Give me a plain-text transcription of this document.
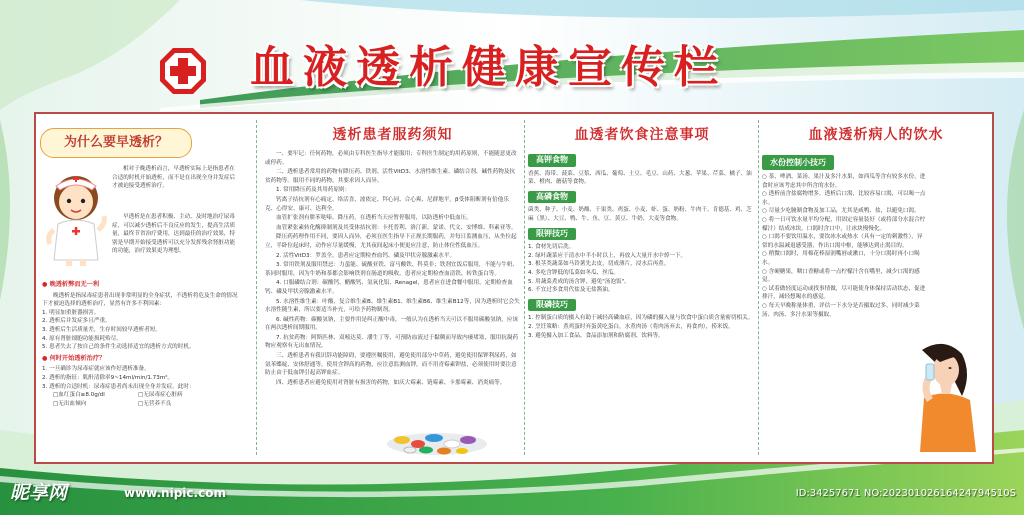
血液透析健康宣传栏
为什么要早透析？

相对于晚透析而言，早透析实际上是指患者在合适的时机开始透析，而不是在出现全身并发症后才被迫接受透析治疗。

早透析是在患者积极、主动、及时地治疗尿毒症，可以减少透析后不良反应的发生，提高生活质量，最终节省治疗费用，达到最佳的治疗效果，特别是早期开始接受透析可以充分发挥残余肾脏功能的功能，治疗效果更为理想。

● 晚透析弊而无一利
晚透析是指尿毒症患者出现非常明显的全身症状，不透析将危及生命的情况下才被迫选择的透析治疗，显然有许多不利因素：
1. 明显加重脏器损害。
2. 透析后并发症多且严重。
3. 透析后生活质量差，生存时间较早透析者短。
4. 原有肾脏细胞功能损耗殆尽。
5. 患者失去了按自己的条件生动选择适宜的透析方式的时机。
● 何时开始透析治疗？
1. 一旦确诊为尿毒症就应该作好透析准备。
2. 透析的指征：肌酐清除率9~14ml/min/1.73m²。
3. 透析的合适时机：尿毒症患者尚未出现全身并发症，此时：
□血红蛋白≥8.0g/dl	□无尿毒症心脏病
□无出血倾向	□无营养不良
透析患者服药须知

一、要牢记：任何药物，必须由专科医生指导才能服用；专科医生制定的用药原则，不能随意更改或停药。

二、透析患者常用的药物有降压药、铁剂、活性VitD3、水溶性维生素、磷结合剂、碱性药物及抗贫药物等。服用不同的药物，其要求因人而异。

1. 常用降压药及其用药原则：

钙离子拮抗剂有心痛定、络活喜、波依定、拜心同、合心爽、尼群地平。β受体阻断剂有倍他乐克、心得安、康可、达利全。

血管扩张剂有肼苯哒嗪、降压药，在透析当天应暂停服用，以防透析中低血压。

血管紧张素转化酶抑制剂及其受体拮抗剂：卡托普利、洛汀新、蒙诺、代文、安博维、科素亚等。

降压药药理作用不同，要因人而异，必须在医生指导下正规长期服药，并每日监测血压，从坐位起立，半卧位起床时，动作应尽量缓慢，尤其夜间起床小便更应注意，防止体位性低血压。

2. 活性VitD3：罗盖全。患者应定期检查血钙、磷及甲状旁腺激素水平。

3. 常用铁剂及服用禁忌：力蜚能、硫酸亚铁、富马酸铁、科莫非；铁剂宜饭后服用，不能与牛奶、茶同时服用，因为牛奶和茶都会影响铁剂在肠道的吸收。患者应定期检查血清铁、转铁蛋白等。

4. 口服磷结合剂：碳酸钙、醋酸钙、氢氧化铝、Renagel，患者应在进食餐中服用，定期检查血钙、磷及甲状旁腺激素水平。

5. 水溶性维生素：叶酸、复合维生素B、维生素B1、维生素B6、维生素B12等，因为透析时它会失水溶性随生素，所以要适当补充，可给予药物制剂。

6. 碱性药物：碳酸氢钠，主要作用是纠正酸中毒，一般认为在透析当天可以不服用碳酸氢钠，应该在两次透析间期服用。

7. 抗贫药物：阿斯匹林、双嘧达莫、潘生丁等，可预防血液过于黏稠而导致内瘘堵塞，服用抗凝药物应观察有无出血情况。

三、透析患者有我识辞功能障碍，要遵医嘱使用，避免使用部分中草药，避免使用保钾利尿药，如氨苯蝶啶、安体舒通等，使用含钾高的药物，应注意监测血钾，而不用青霉素钾盐，必须使用时要注意防止由于低血钾引起高钾血症。

四、透析患者应避免使用对肾脏有损害的药物，如庆大霉素、链霉素、卡那霉素、消炎痛等。

血透者饮食注意事项
高钾食物
香蕉、海带、菠菜、豆浆、西瓜、葡萄、土豆、毛豆、山药、大葱、苹果、芹菜、橘子、油菜、橙肉、蘑菇等食物。
高磷食物
菌类、种子、小麦、奶酪、干果类、鸡蛋、小麦、虾、蛋、奶粉、牛肉干、肯德基、鸡、芝麻（黑）、大豆、鸭、牛、鱼、豆、黄豆、牛奶、大麦等食物。
限钾技巧
1. 食材先切后洗。
2. 绿叶蔬菜应于清水中半小时以上，再放入大量开水中焯一下。
3. 根茎类蔬菜如马铃薯先去皮，切成薄片，浸水后再煮。
4. 多吃含钾低的瓜菜如冬瓜、丝瓜。
5. 用蔬菜煮成的汤含钾，避免"汤泡饭"。
6. 不宜过多食用代盐及无盐酱油。
限磷技巧
1. 控制蛋白质的摄入有助于减轻高磷血症，因为磷的摄入量与饮食中蛋白质含量密切相关。
2. 烹饪策略：煮鸡蛋时弃蛋黄吃蛋白，水煮肉汤（将肉汤弃去，再食肉），捞米饭。
3. 避免摄入加工食品、食品添加剂和防腐剂、饮料等。
血液透析病人的饮水
水份控制小技巧
○ 茶、啤酒、菜汤、果汁及多汁水果，如西瓜等含有较多水份，进食时应该考虑其中所含的水份。
○ 透析前含盐腐物增多，透析后口渴，比较容易口渴，可以喝一点水。
○ 尽量少吃腌制食物及加工品，尤其是咸鸭、盐，以避免口渴。
○ 将一日可饮水量平均分配，用固定容量装好（或将部分水混合柠檬汁）结成冰块，口渴时含口中，让冰块慢慢化。
○ 口渴不要饮用温水，要饮冰水或热水（具有一定的刺激性），异常的水温减退感受器，作出口渴中枢，能够达到止渴目的。
○ 稍微口渴时，用棉花棒湿润嘴唇或漱口，十分口渴时再小口喝水。
○ 含硬糖果，咽口香糖或将一点柠檬汁含在嘴里，减少口渴的感觉。
○ 试着做轻度运动或找事情做，尽可能使身体保持活动状态，促进排汗，减轻想喝水的感觉。
○ 每天早晚称量体重，评估一下水分是否摄取过多，同时减少菜汤、肉汤、多汁水果等摄取。
昵享网	www.nipic.com	ID:34257671 NO:20230102616424794510S
